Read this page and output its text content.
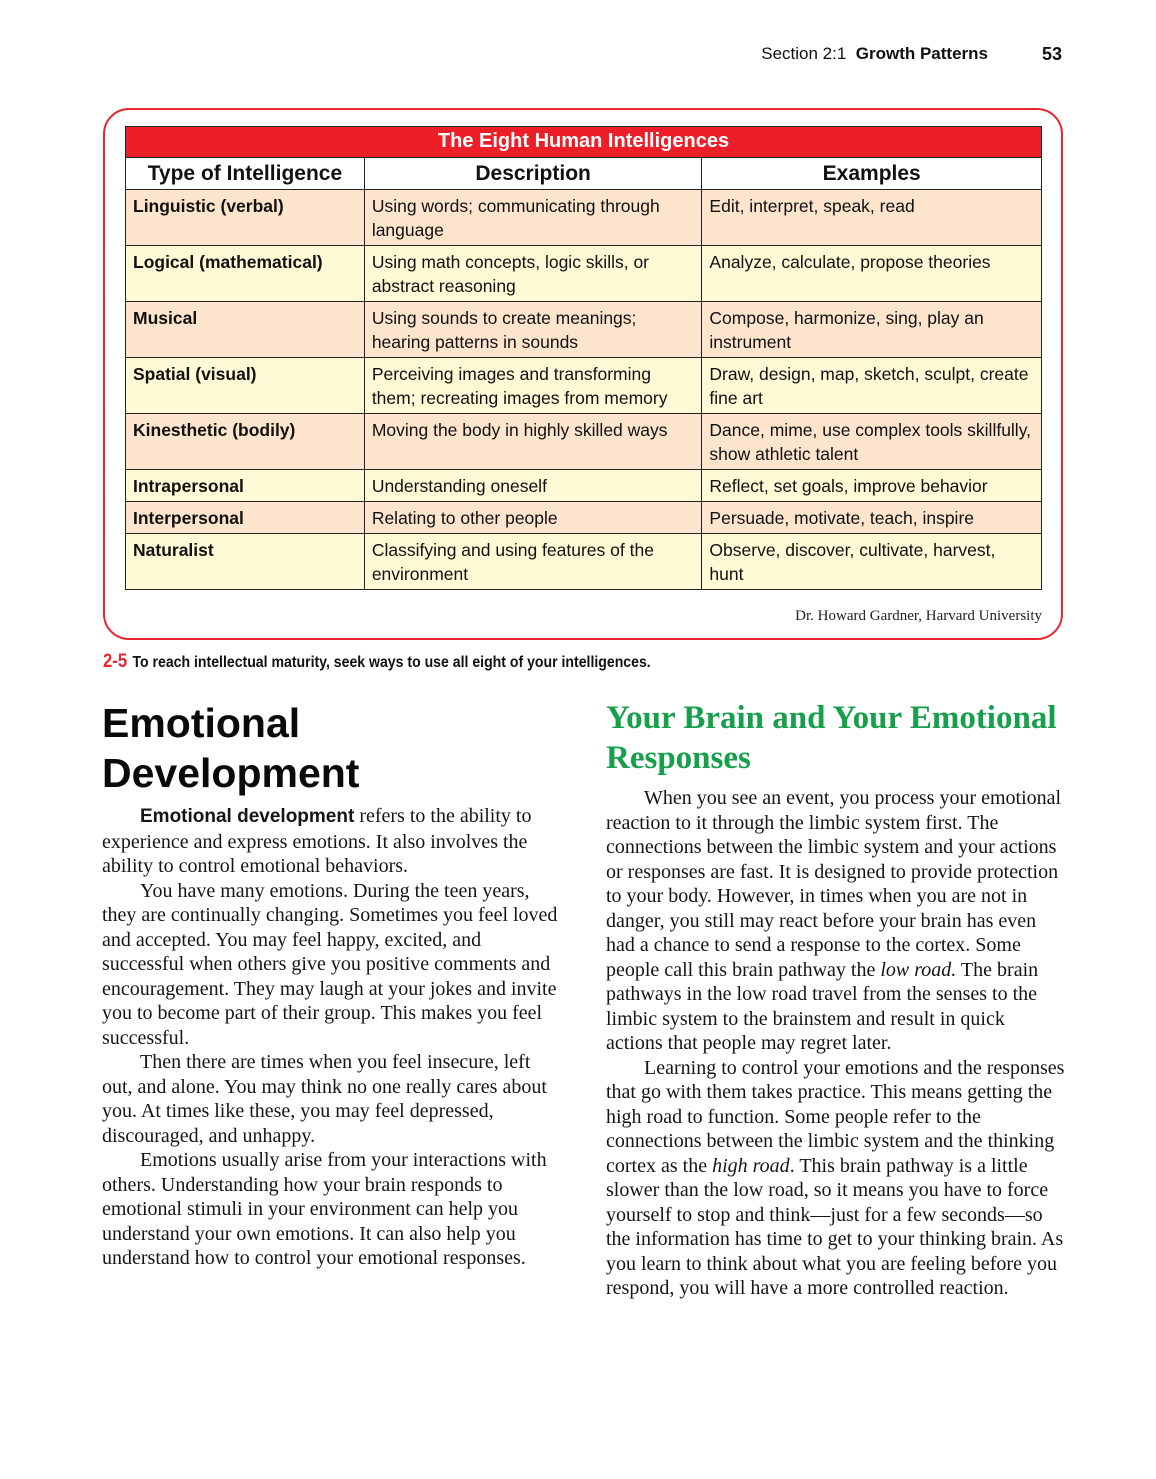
Section 2:1  Growth Patterns	53
The Eight Human Intelligences		
Type of Intelligence	Description	Examples
Linguistic (verbal)	Using words; communicating through language	Edit, interpret, speak, read
Logical (mathematical)	Using math concepts, logic skills, or abstract reasoning	Analyze, calculate, propose theories
Musical	Using sounds to create meanings; hearing patterns in sounds	Compose, harmonize, sing, play an instrument
Spatial (visual)	Perceiving images and transforming them; recreating images from memory	Draw, design, map, sketch, sculpt, create fine art
Kinesthetic (bodily)	Moving the body in highly skilled ways	Dance, mime, use complex tools skillfully, show athletic talent
Intrapersonal	Understanding oneself	Reflect, set goals, improve behavior
Interpersonal	Relating to other people	Persuade, motivate, teach, inspire
Naturalist	Classifying and using features of the environment	Observe, discover, cultivate, harvest, hunt
Dr. Howard Gardner, Harvard University
2-5 To reach intellectual maturity, seek ways to use all eight of your intelligences.
Emotional Development

Emotional development refers to the ability to experience and express emotions. It also involves the ability to control emotional behaviors.

You have many emotions. During the teen years, they are continually changing. Sometimes you feel loved and accepted. You may feel happy, excited, and successful when others give you positive comments and encouragement. They may laugh at your jokes and invite you to become part of their group. This makes you feel successful.

Then there are times when you feel insecure, left out, and alone. You may think no one really cares about you. At times like these, you may feel depressed, discouraged, and unhappy.

Emotions usually arise from your interactions with others. Understanding how your brain responds to emotional stimuli in your environment can help you understand your own emotions. It can also help you understand how to control your emotional responses.

Your Brain and Your Emotional Responses

When you see an event, you process your emotional reaction to it through the limbic system first. The connections between the limbic system and your actions or responses are fast. It is designed to provide protection to your body. However, in times when you are not in danger, you still may react before your brain has even had a chance to send a response to the cortex. Some people call this brain pathway the low road. The brain pathways in the low road travel from the senses to the limbic system to the brainstem and result in quick actions that people may regret later.

Learning to control your emotions and the responses that go with them takes practice. This means getting the high road to function. Some people refer to the connections between the limbic system and the thinking cortex as the high road. This brain pathway is a little slower than the low road, so it means you have to force yourself to stop and think—just for a few seconds—so the information has time to get to your thinking brain. As you learn to think about what you are feeling before you respond, you will have a more controlled reaction.
